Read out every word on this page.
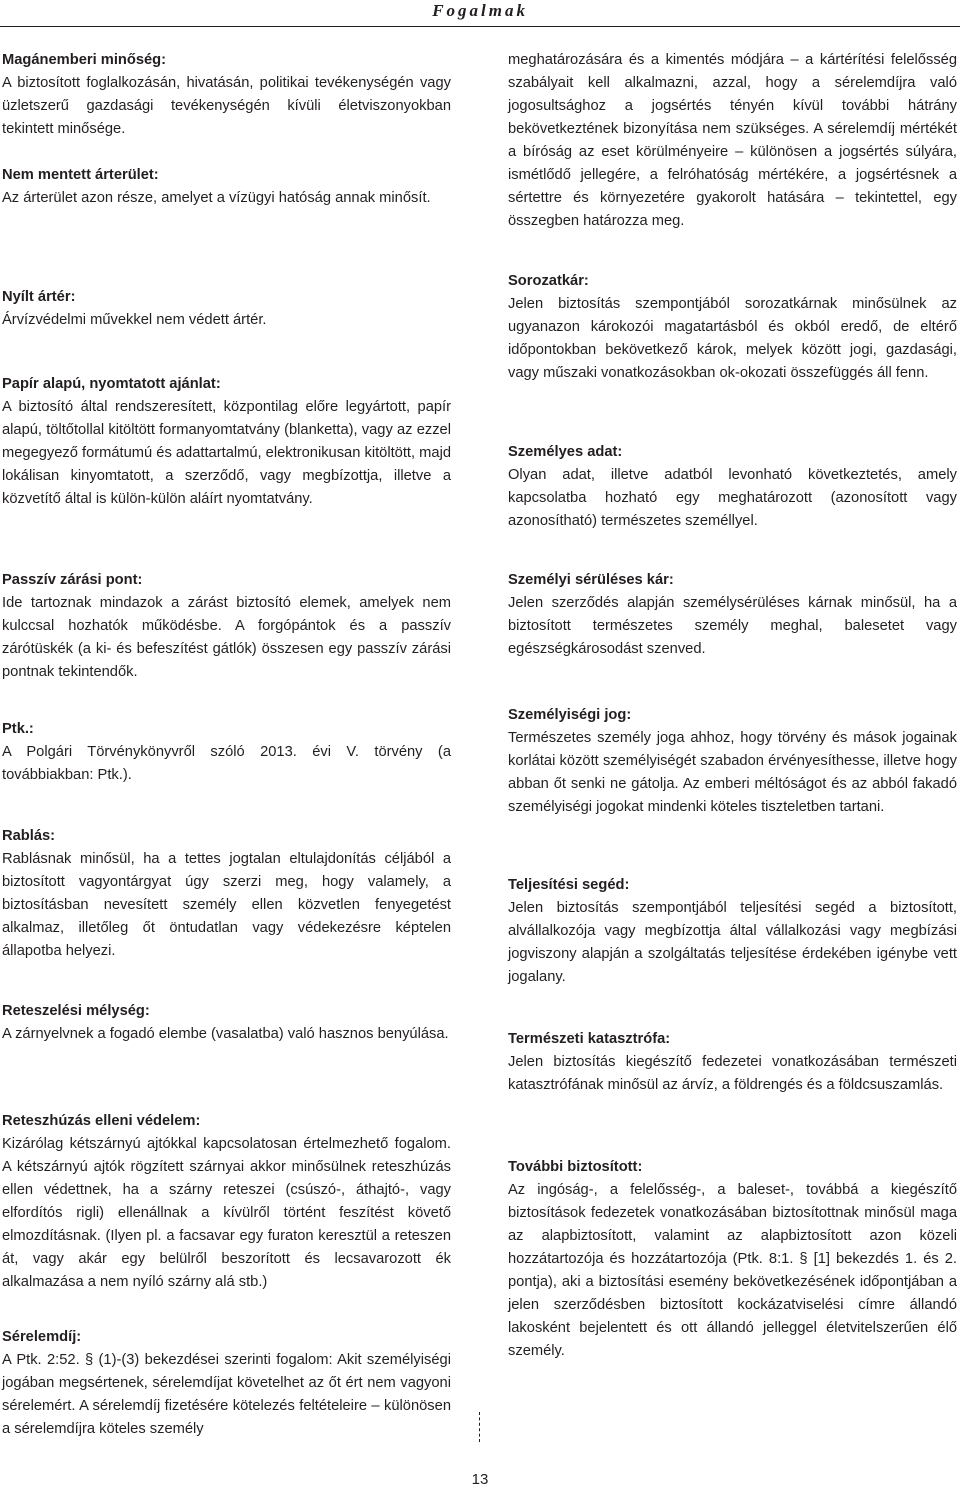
Fogalmak
Magánemberi minőség:
A biztosított foglalkozásán, hivatásán, politikai tevékenységén vagy üzletszerű gazdasági tevékenységén kívüli életviszonyokban tekintett minősége.
Nem mentett árterület:
Az árterület azon része, amelyet a vízügyi hatóság annak minősít.
Nyílt ártér:
Árvízvédelmi művekkel nem védett ártér.
Papír alapú, nyomtatott ajánlat:
A biztosító által rendszeresített, központilag előre legyártott, papír alapú, töltőtollal kitöltött formanyomtatvány (blanketta), vagy az ezzel megegyező formátumú és adattartalmú, elektronikusan kitöltött, majd lokálisan kinyomtatott, a szerződő, vagy megbízottja, illetve a közvetítő által is külön-külön aláírt nyomtatvány.
Passzív zárási pont:
Ide tartoznak mindazok a zárást biztosító elemek, amelyek nem kulccsal hozhatók működésbe. A forgópántok és a passzív zárótüskék (a ki- és befeszítést gátlók) összesen egy passzív zárási pontnak tekintendők.
Ptk.:
A Polgári Törvénykönyvről szóló 2013. évi V. törvény (a továbbiakban: Ptk.).
Rablás:
Rablásnak minősül, ha a tettes jogtalan eltulajdonítás céljából a biztosított vagyontárgyat úgy szerzi meg, hogy valamely, a biztosításban nevesített személy ellen közvetlen fenyegetést alkalmaz, illetőleg őt öntudatlan vagy védekezésre képtelen állapotba helyezi.
Reteszelési mélység:
A zárnyelvnek a fogadó elembe (vasalatba) való hasznos benyúlása.
Reteszhúzás elleni védelem:
Kizárólag kétszárnyú ajtókkal kapcsolatosan értelmezhető fogalom. A kétszárnyú ajtók rögzített szárnyai akkor minősülnek reteszhúzás ellen védettnek, ha a szárny reteszei (csúszó-, áthajtó-, vagy elfordítós rigli) ellenállnak a kívülről történt feszítést követő elmozdításnak. (Ilyen pl. a facsavar egy furaton keresztül a reteszen át, vagy akár egy belülről beszorított és lecsavarozott ék alkalmazása a nem nyíló szárny alá stb.)
Sérelemdíj:
A Ptk. 2:52. § (1)-(3) bekezdései szerinti fogalom: Akit személyiségi jogában megsértenek, sérelemdíjat követelhet az őt ért nem vagyoni sérelemért. A sérelemdíj fizetésére kötelezés feltételeire – különösen a sérelemdíjra köteles személy
meghatározására és a kimentés módjára – a kártérítési felelősség szabályait kell alkalmazni, azzal, hogy a sérelemdíjra való jogosultsághoz a jogsértés tényén kívül további hátrány bekövetkeztének bizonyítása nem szükséges. A sérelemdíj mértékét a bíróság az eset körülményeire – különösen a jogsértés súlyára, ismétlődő jellegére, a felróhatóság mértékére, a jogsértésnek a sértettre és környezetére gyakorolt hatására – tekintettel, egy összegben határozza meg.
Sorozatkár:
Jelen biztosítás szempontjából sorozatkárnak minősülnek az ugyanazon károkozói magatartásból és okból eredő, de eltérő időpontokban bekövetkező károk, melyek között jogi, gazdasági, vagy műszaki vonatkozásokban ok-okozati összefüggés áll fenn.
Személyes adat:
Olyan adat, illetve adatból levonható következtetés, amely kapcsolatba hozható egy meghatározott (azonosított vagy azonosítható) természetes személlyel.
Személyi sérüléses kár:
Jelen szerződés alapján személysérüléses kárnak minősül, ha a biztosított természetes személy meghal, balesetet vagy egészségkárosodást szenved.
Személyiségi jog:
Természetes személy joga ahhoz, hogy törvény és mások jogainak korlátai között személyiségét szabadon érvényesíthesse, illetve hogy abban őt senki ne gátolja. Az emberi méltóságot és az abból fakadó személyiségi jogokat mindenki köteles tiszteletben tartani.
Teljesítési segéd:
Jelen biztosítás szempontjából teljesítési segéd a biztosított, alvállalkozója vagy megbízottja által vállalkozási vagy megbízási jogviszony alapján a szolgáltatás teljesítése érdekében igénybe vett jogalany.
Természeti katasztrófa:
Jelen biztosítás kiegészítő fedezetei vonatkozásában természeti katasztrófának minősül az árvíz, a földrengés és a földcsuszamlás.
További biztosított:
Az ingóság-, a felelősség-, a baleset-, továbbá a kiegészítő biztosítások fedezetek vonatkozásában biztosítottnak minősül maga az alapbiztosított, valamint az alapbiztosított azon közeli hozzátartozója és hozzátartozója (Ptk. 8:1. § [1] bekezdés 1. és 2. pontja), aki a biztosítási esemény bekövetkezésének időpontjában a jelen szerződésben biztosított kockázatviselési címre állandó lakosként bejelentett és ott állandó jelleggel életvitelszerűen élő személy.
13
